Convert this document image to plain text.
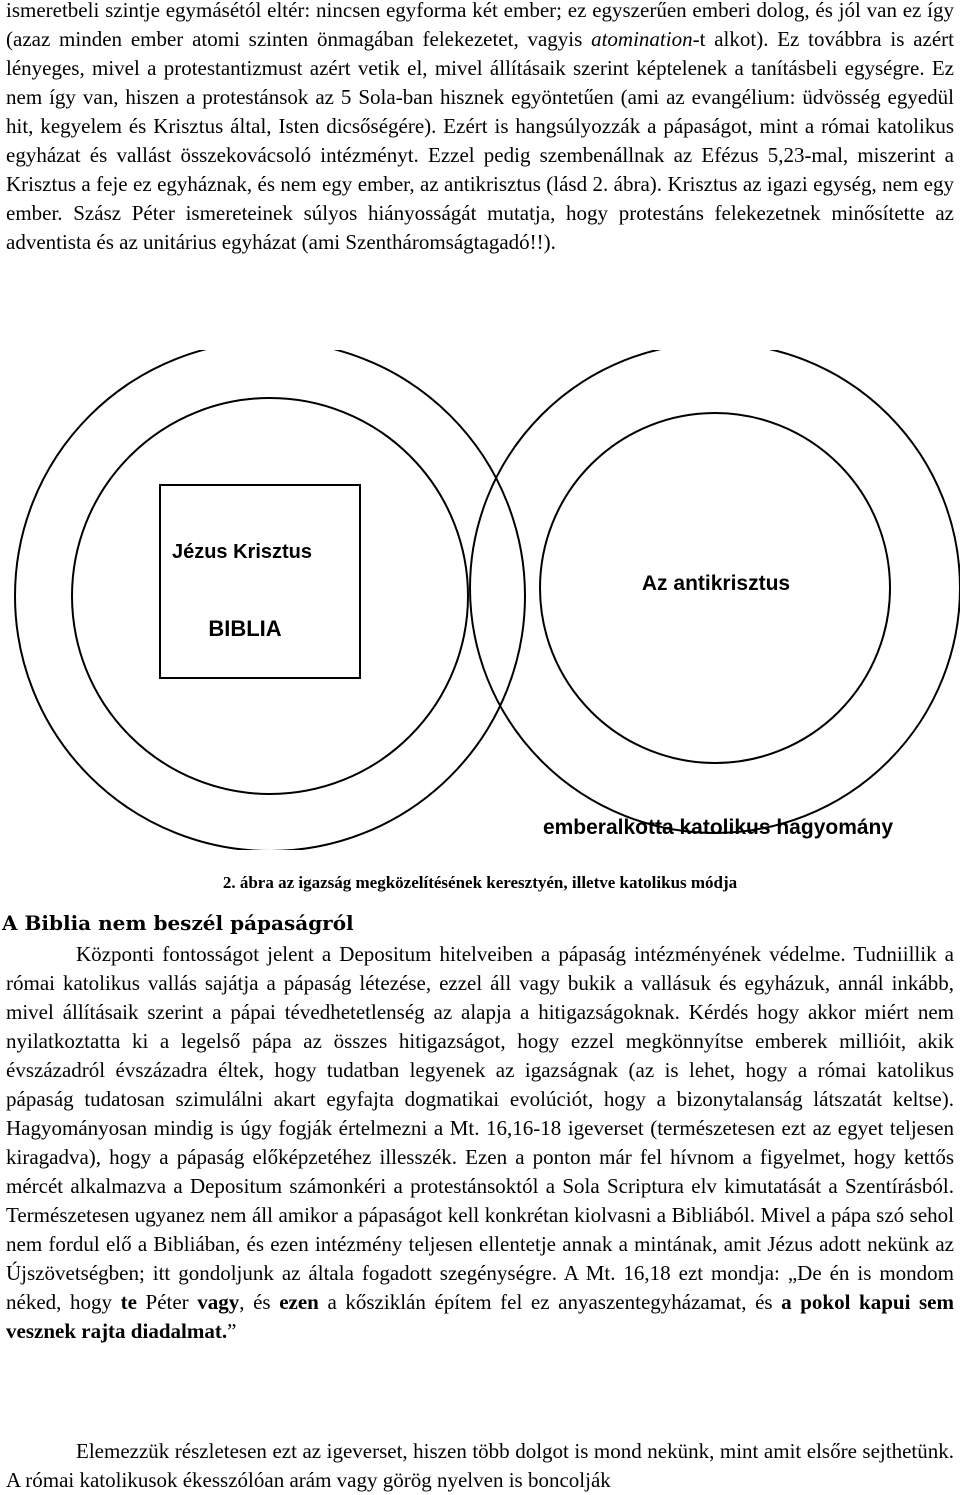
ismeretbeli szintje egymásétól eltér: nincsen egyforma két ember; ez egyszerűen emberi dolog, és jól van ez így (azaz minden ember atomi szinten önmagában felekezetet, vagyis atomination-t alkot). Ez továbbra is azért lényeges, mivel a protestantizmust azért vetik el, mivel állításaik szerint képtelenek a tanításbeli egységre. Ez nem így van, hiszen a protestánsok az 5 Sola-ban hisznek egyöntetűen (ami az evangélium: üdvösség egyedül hit, kegyelem és Krisztus által, Isten dicsőségére). Ezért is hangsúlyozzák a pápaságot, mint a római katolikus egyházat és vallást összekovácsoló intézményt. Ezzel pedig szembenállnak az Efézus 5,23-mal, miszerint a Krisztus a feje ez egyháznak, és nem egy ember, az antikrisztus (lásd 2. ábra). Krisztus az igazi egység, nem egy ember. Szász Péter ismereteinek súlyos hiányosságát mutatja, hogy protestáns felekezetnek minősítette az adventista és az unitárius egyházat (ami Szentháromságtagadó!!).

Jézus Krisztus
BIBLIA
Az antikrisztus
emberalkotta katolikus hagyomány
2. ábra az igazság megközelítésének keresztyén, illetve katolikus módja
A Biblia nem beszél pápaságról

Központi fontosságot jelent a Depositum hitelveiben a pápaság intézményének védelme. Tudniillik a római katolikus vallás sajátja a pápaság létezése, ezzel áll vagy bukik a vallásuk és egyházuk, annál inkább, mivel állításaik szerint a pápai tévedhetetlenség az alapja a hitigazságoknak. Kérdés hogy akkor miért nem nyilatkoztatta ki a legelső pápa az összes hitigazságot, hogy ezzel megkönnyítse emberek millióit, akik évszázadról évszázadra éltek, hogy tudatban legyenek az igazságnak (az is lehet, hogy a római katolikus pápaság tudatosan szimulálni akart egyfajta dogmatikai evolúciót, hogy a bizonytalanság látszatát keltse). Hagyományosan mindig is úgy fogják értelmezni a Mt. 16,16-18 igeverset (természetesen ezt az egyet teljesen kiragadva), hogy a pápaság előképzetéhez illesszék. Ezen a ponton már fel hívnom a figyelmet, hogy kettős mércét alkalmazva a Depositum számonkéri a protestánsoktól a Sola Scriptura elv kimutatását a Szentírásból. Természetesen ugyanez nem áll amikor a pápaságot kell konkrétan kiolvasni a Bibliából. Mivel a pápa szó sehol nem fordul elő a Bibliában, és ezen intézmény teljesen ellentetje annak a mintának, amit Jézus adott nekünk az Újszövetségben; itt gondoljunk az általa fogadott szegénységre. A Mt. 16,18 ezt mondja: „De én is mondom néked, hogy te Péter vagy, és ezen a kősziklán építem fel ez anyaszentegyházamat, és a pokol kapui sem vesznek rajta diadalmat.”

Elemezzük részletesen ezt az igeverset, hiszen több dolgot is mond nekünk, mint amit elsőre sejthetünk. A római katolikusok ékesszólóan arám vagy görög nyelven is boncolják
